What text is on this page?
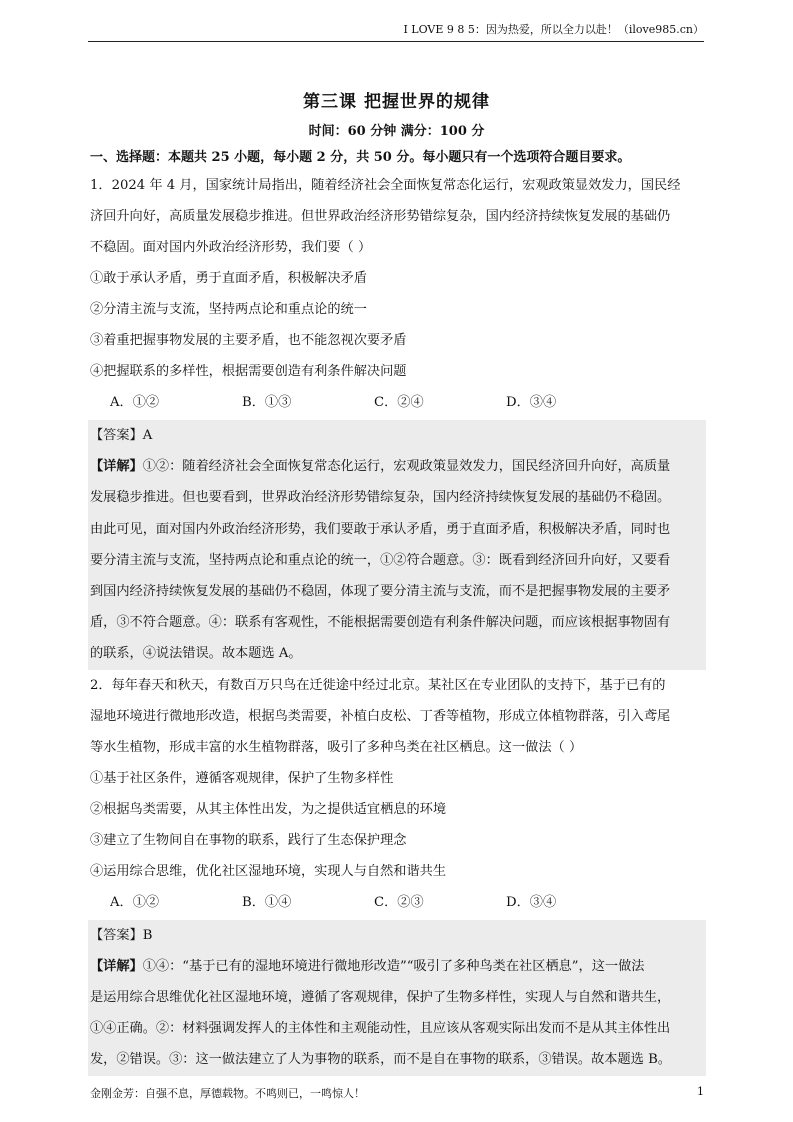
I LOVE 9 8 5：因为热爱，所以全力以赴！（ilove985.cn）
第三课 把握世界的规律
时间：60 分钟 满分：100 分
一、选择题：本题共 25 小题，每小题 2 分，共 50 分。每小题只有一个选项符合题目要求。
1．2024 年 4 月，国家统计局指出，随着经济社会全面恢复常态化运行，宏观政策显效发力，国民经
济回升向好，高质量发展稳步推进。但世界政治经济形势错综复杂，国内经济持续恢复发展的基础仍
不稳固。面对国内外政治经济形势，我们要（ ）
①敢于承认矛盾，勇于直面矛盾，积极解决矛盾
②分清主流与支流，坚持两点论和重点论的统一
③着重把握事物发展的主要矛盾，也不能忽视次要矛盾
④把握联系的多样性，根据需要创造有利条件解决问题
A．①②	B．①③	C．②④	D．③④
【答案】A
【详解】①②：随着经济社会全面恢复常态化运行，宏观政策显效发力，国民经济回升向好，高质量
发展稳步推进。但也要看到，世界政治经济形势错综复杂，国内经济持续恢复发展的基础仍不稳固。
由此可见，面对国内外政治经济形势，我们要敢于承认矛盾，勇于直面矛盾，积极解决矛盾，同时也
要分清主流与支流，坚持两点论和重点论的统一，①②符合题意。③：既看到经济回升向好，又要看
到国内经济持续恢复发展的基础仍不稳固，体现了要分清主流与支流，而不是把握事物发展的主要矛
盾，③不符合题意。④：联系有客观性，不能根据需要创造有利条件解决问题，而应该根据事物固有
的联系，④说法错误。故本题选 A。
2．每年春天和秋天，有数百万只鸟在迁徙途中经过北京。某社区在专业团队的支持下，基于已有的
湿地环境进行微地形改造，根据鸟类需要，补植白皮松、丁香等植物，形成立体植物群落，引入鸢尾
等水生植物，形成丰富的水生植物群落，吸引了多种鸟类在社区栖息。这一做法（ ）
①基于社区条件，遵循客观规律，保护了生物多样性
②根据鸟类需要，从其主体性出发，为之提供适宜栖息的环境
③建立了生物间自在事物的联系，践行了生态保护理念
④运用综合思维，优化社区湿地环境，实现人与自然和谐共生
A．①②	B．①④	C．②③	D．③④
【答案】B
【详解】①④：“基于已有的湿地环境进行微地形改造”“吸引了多种鸟类在社区栖息”，这一做法
是运用综合思维优化社区湿地环境，遵循了客观规律，保护了生物多样性，实现人与自然和谐共生，
①④正确。②：材料强调发挥人的主体性和主观能动性，且应该从客观实际出发而不是从其主体性出
发，②错误。③：这一做法建立了人为事物的联系，而不是自在事物的联系，③错误。故本题选 B。
金刚金芳：自强不息，厚德载物。不鸣则已，一鸣惊人！	1
